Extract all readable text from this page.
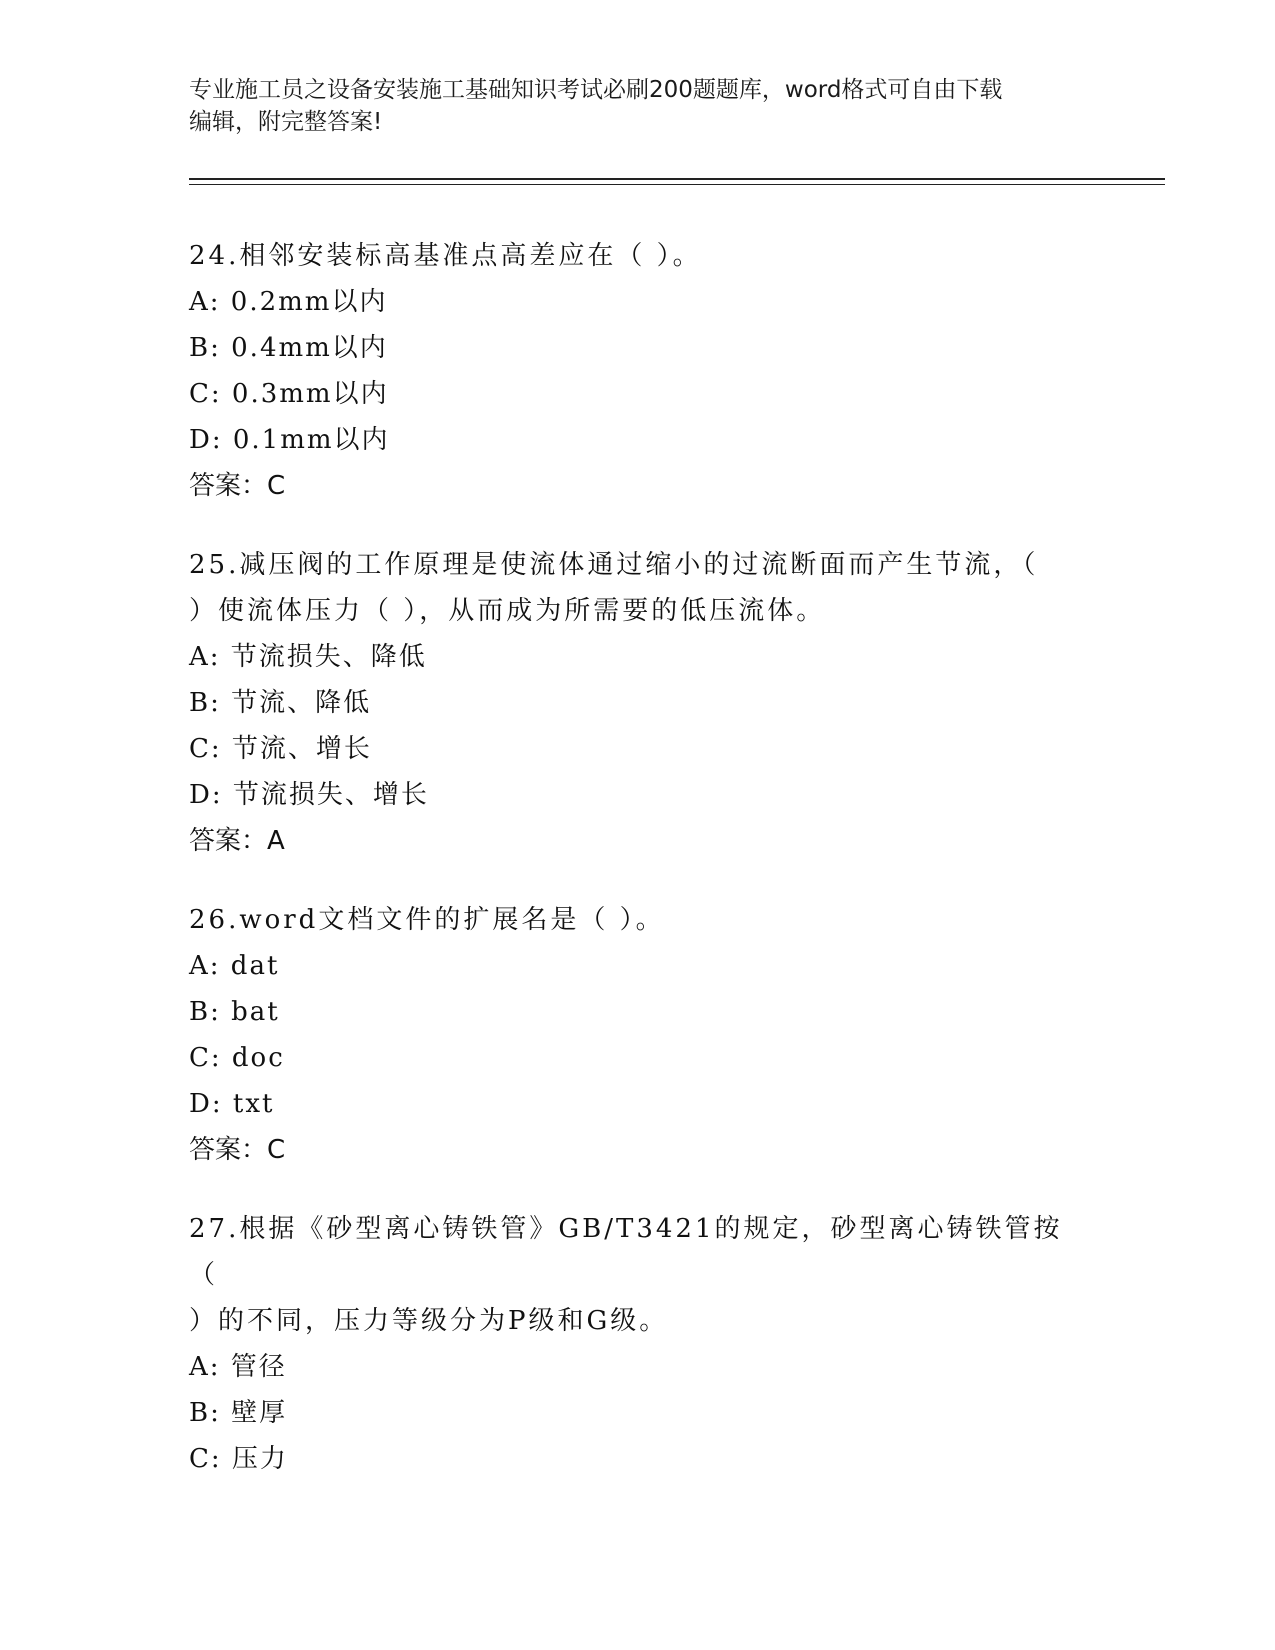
专业施工员之设备安装施工基础知识考试必刷200题题库，word格式可自由下载
编辑，附完整答案!

24.相邻安装标高基准点高差应在（ ）。

A: 0.2mm以内

B: 0.4mm以内

C: 0.3mm以内

D: 0.1mm以内

答案：C

25.减压阀的工作原理是使流体通过缩小的过流断面而产生节流，（

）使流体压力（ ），从而成为所需要的低压流体。

A: 节流损失、降低

B: 节流、降低

C: 节流、增长

D: 节流损失、增长

答案：A

26.word文档文件的扩展名是（ ）。

A: dat

B: bat

C: doc

D: txt

答案：C

27.根据《砂型离心铸铁管》GB/T3421的规定，砂型离心铸铁管按（

）的不同，压力等级分为P级和G级。

A: 管径

B: 壁厚

C: 压力
